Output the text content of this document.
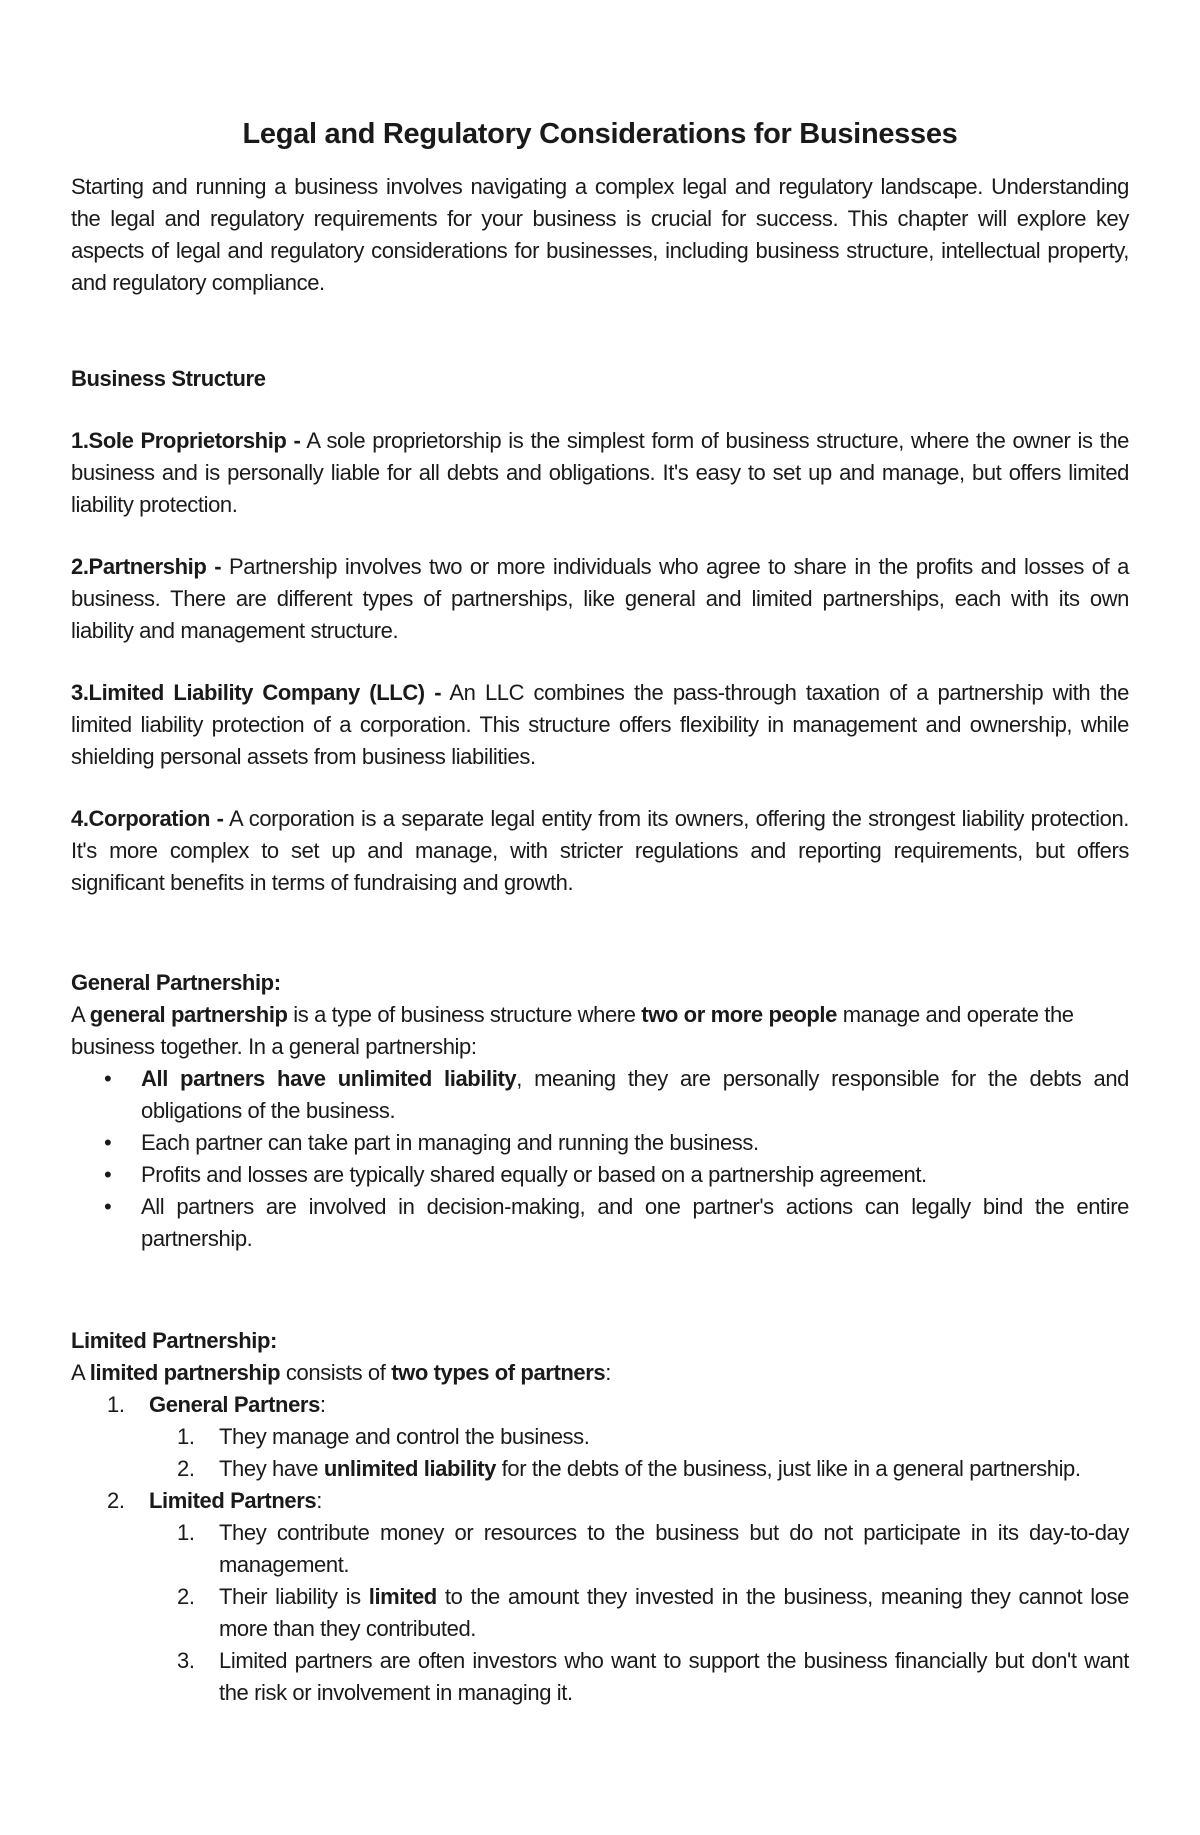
Legal and Regulatory Considerations for Businesses

Starting and running a business involves navigating a complex legal and regulatory landscape. Understanding the legal and regulatory requirements for your business is crucial for success. This chapter will explore key aspects of legal and regulatory considerations for businesses, including business structure, intellectual property, and regulatory compliance.

Business Structure

1.Sole Proprietorship - A sole proprietorship is the simplest form of business structure, where the owner is the business and is personally liable for all debts and obligations. It's easy to set up and manage, but offers limited liability protection.

2.Partnership - Partnership involves two or more individuals who agree to share in the profits and losses of a business. There are different types of partnerships, like general and limited partnerships, each with its own liability and management structure.

3.Limited Liability Company (LLC) - An LLC combines the pass-through taxation of a partnership with the limited liability protection of a corporation. This structure offers flexibility in management and ownership, while shielding personal assets from business liabilities.

4.Corporation - A corporation is a separate legal entity from its owners, offering the strongest liability protection. It's more complex to set up and manage, with stricter regulations and reporting requirements, but offers significant benefits in terms of fundraising and growth.

General Partnership:

A general partnership is a type of business structure where two or more people manage and operate the business together. In a general partnership:

• All partners have unlimited liability, meaning they are personally responsible for the debts and obligations of the business.
• Each partner can take part in managing and running the business.
• Profits and losses are typically shared equally or based on a partnership agreement.
• All partners are involved in decision-making, and one partner's actions can legally bind the entire partnership.

Limited Partnership:

A limited partnership consists of two types of partners:

1. General Partners:
1. They manage and control the business.
2. They have unlimited liability for the debts of the business, just like in a general partnership.
2. Limited Partners:
1. They contribute money or resources to the business but do not participate in its day-to-day management.
2. Their liability is limited to the amount they invested in the business, meaning they cannot lose more than they contributed.
3. Limited partners are often investors who want to support the business financially but don't want the risk or involvement in managing it.
